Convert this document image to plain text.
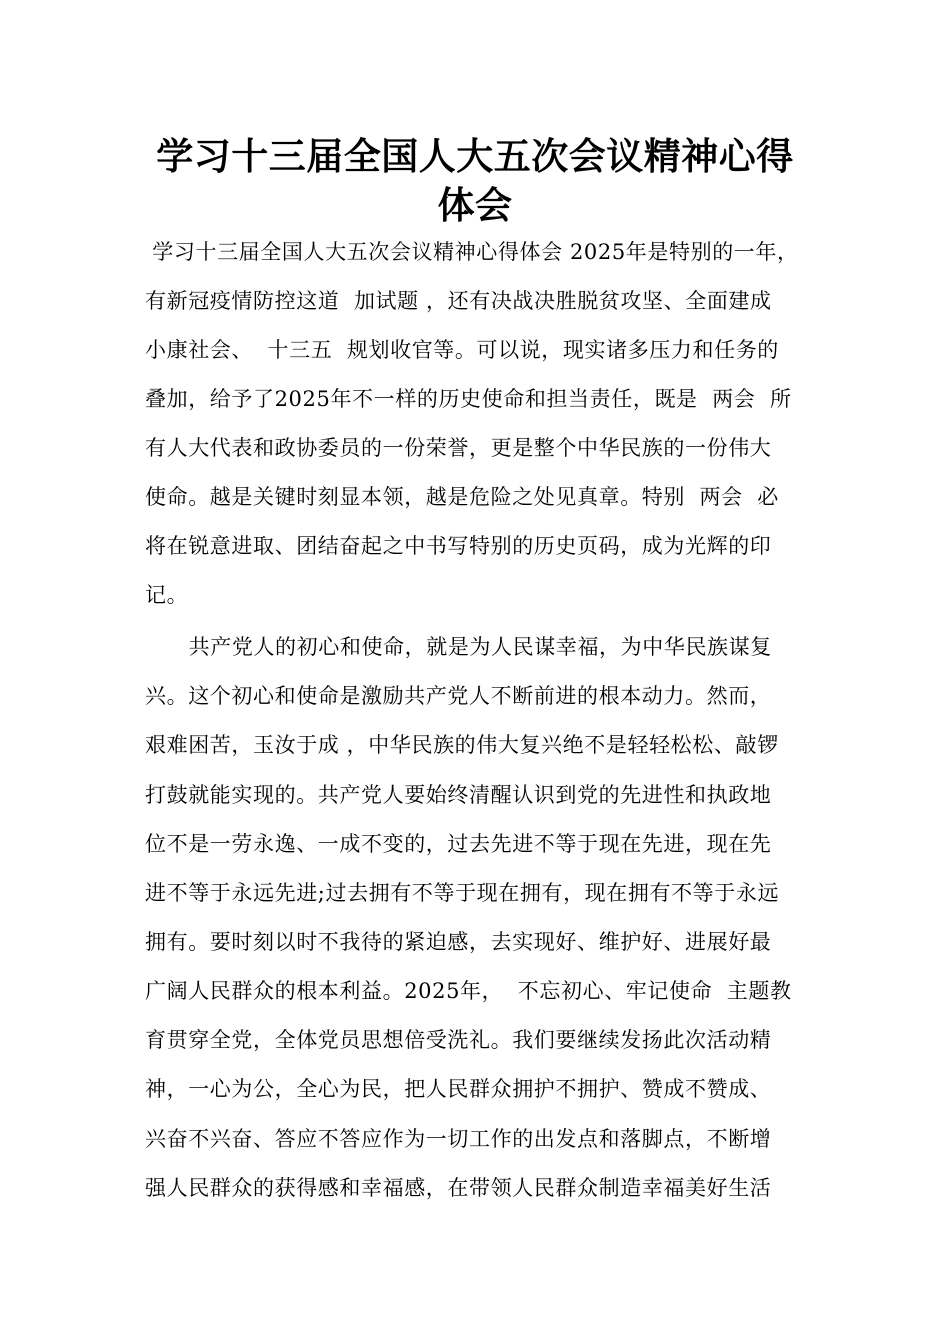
学习十三届全国人大五次会议精神心得
体会

学习十三届全国人大五次会议精神心得体会 2025年是特别的一年，

有新冠疫情防控这道  加试题 ，还有决战决胜脱贫攻坚、全面建成

小康社会、  十三五  规划收官等。可以说，现实诸多压力和任务的

叠加，给予了2025年不一样的历史使命和担当责任，既是  两会  所

有人大代表和政协委员的一份荣誉，更是整个中华民族的一份伟大

使命。越是关键时刻显本领，越是危险之处见真章。特别  两会  必

将在锐意进取、团结奋起之中书写特别的历史页码，成为光辉的印

记。

共产党人的初心和使命，就是为人民谋幸福，为中华民族谋复

兴。这个初心和使命是激励共产党人不断前进的根本动力。然而，

艰难困苦，玉汝于成 ，中华民族的伟大复兴绝不是轻轻松松、敲锣

打鼓就能实现的。共产党人要始终清醒认识到党的先进性和执政地

位不是一劳永逸、一成不变的，过去先进不等于现在先进，现在先

进不等于永远先进;过去拥有不等于现在拥有，现在拥有不等于永远

拥有。要时刻以时不我待的紧迫感，去实现好、维护好、进展好最

广阔人民群众的根本利益。2025年，  不忘初心、牢记使命  主题教

育贯穿全党，全体党员思想倍受洗礼。我们要继续发扬此次活动精

神，一心为公，全心为民，把人民群众拥护不拥护、赞成不赞成、

兴奋不兴奋、答应不答应作为一切工作的出发点和落脚点，不断增

强人民群众的获得感和幸福感，在带领人民群众制造幸福美好生活
